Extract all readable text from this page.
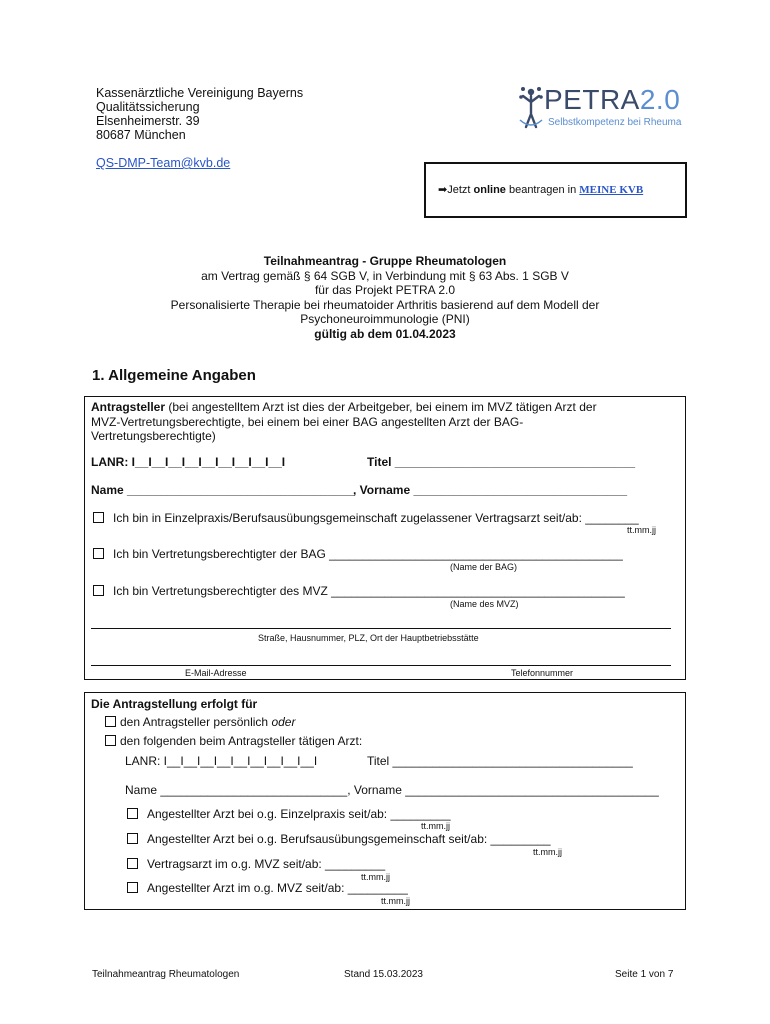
Kassenärztliche Vereinigung Bayerns
Qualitätssicherung
Elsenheimerstr. 39
80687 München
QS-DMP-Team@kvb.de
PETRA2.0
Selbstkompetenz bei Rheuma
➡Jetzt online beantragen in MEINE KVB
Teilnahmeantrag - Gruppe Rheumatologen
am Vertrag gemäß § 64 SGB V, in Verbindung mit § 63 Abs. 1 SGB V
für das Projekt PETRA 2.0
Personalisierte Therapie bei rheumatoider Arthritis basierend auf dem Modell der
Psychoneuroimmunologie (PNI)
gültig ab dem 01.04.2023
1. Allgemeine Angaben
Antragsteller (bei angestelltem Arzt ist dies der Arbeitgeber, bei einem im MVZ tätigen Arzt der
MVZ-Vertretungsberechtigte, bei einem bei einer BAG angestellten Arzt der BAG-
Vertretungsberechtigte)
LANR: I__I__I__I__I__I__I__I__I__I	Titel ____________________________________
Name __________________________________ , Vorname ________________________________
Ich bin in Einzelpraxis/Berufsausübungsgemeinschaft zugelassener Vertragsarzt seit/ab: ________
tt.mm.jj
Ich bin Vertretungsberechtigter der BAG ____________________________________________
(Name der BAG)
Ich bin Vertretungsberechtigter des MVZ ____________________________________________
(Name des MVZ)
Straße, Hausnummer, PLZ, Ort der Hauptbetriebsstätte
E-Mail-Adresse	Telefonnummer
Die Antragstellung erfolgt für
den Antragsteller persönlich oder
den folgenden beim Antragsteller tätigen Arzt:
LANR: I__I__I__I__I__I__I__I__I__I	Titel ____________________________________
Name ____________________________, Vorname ______________________________________
Angestellter Arzt bei o.g. Einzelpraxis seit/ab: _________
tt.mm.jj
Angestellter Arzt bei o.g. Berufsausübungsgemeinschaft seit/ab: _________
tt.mm.jj
Vertragsarzt im o.g. MVZ seit/ab: _________
tt.mm.jj
Angestellter Arzt im o.g. MVZ seit/ab: _________
tt.mm.jj
Teilnahmeantrag Rheumatologen	Stand 15.03.2023	Seite 1 von 7
